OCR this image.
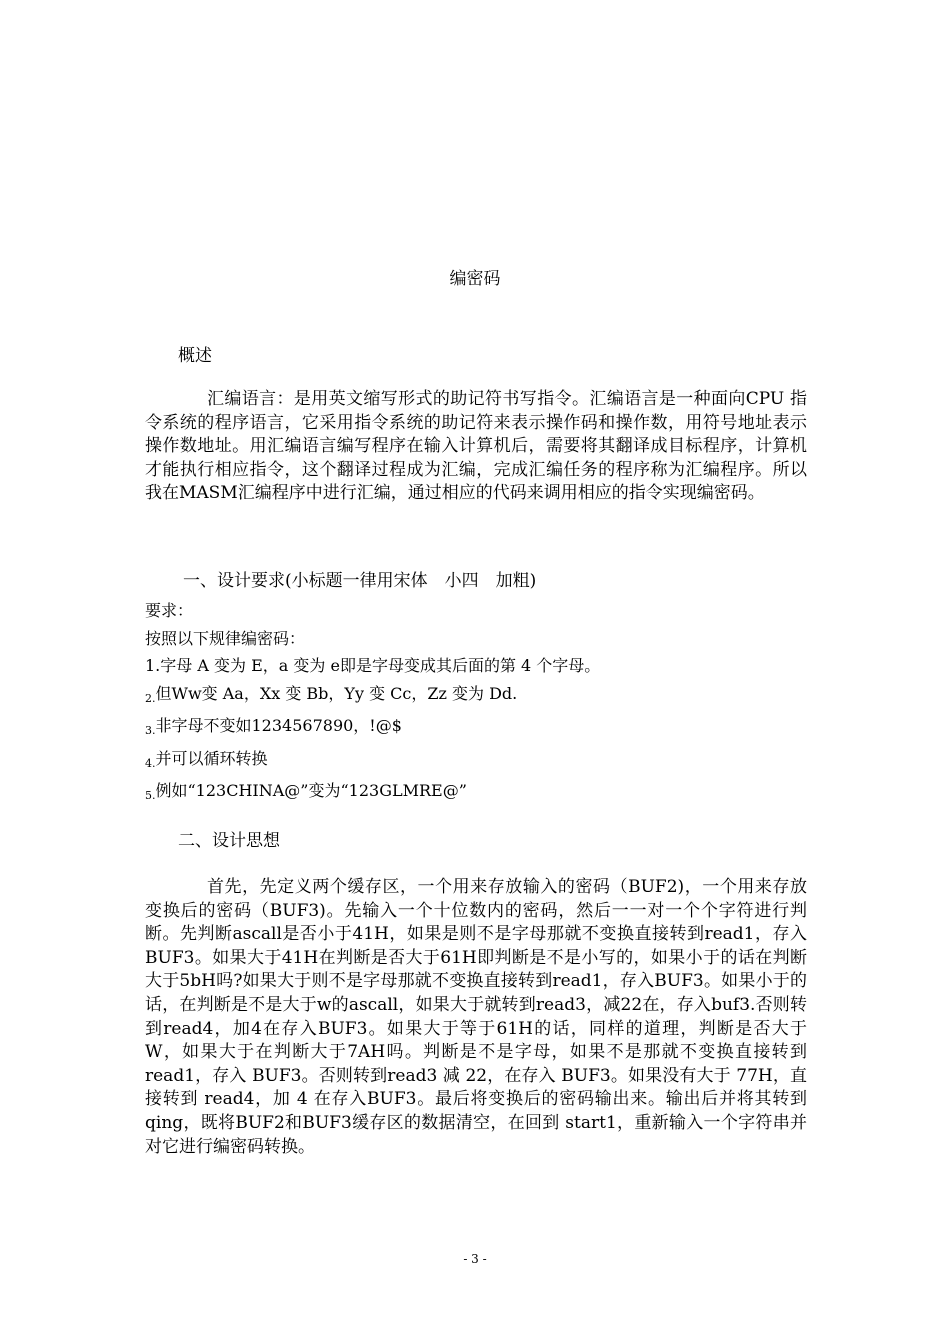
编密码
概述

汇编语言：是用英文缩写形式的助记符书写指令。汇编语言是一种面向CPU 指令系统的程序语言，它采用指令系统的助记符来表示操作码和操作数，用符号地址表示操作数地址。用汇编语言编写程序在输入计算机后，需要将其翻译成目标程序，计算机才能执行相应指令，这个翻译过程成为汇编，完成汇编任务的程序称为汇编程序。所以我在MASM汇编程序中进行汇编，通过相应的代码来调用相应的指令实现编密码。

一、设计要求(小标题一律用宋体　小四　加粗)
要求：
按照以下规律编密码：
1.字母 A 变为 E，a 变为 e即是字母变成其后面的第 4 个字母。
2.但Ww变 Aa，Xx 变 Bb，Yy 变 Cc，Zz 变为 Dd.
3.非字母不变如1234567890，!@$
4.并可以循环转换
5.例如“123CHINA@”变为“123GLMRE@”
二、设计思想

首先，先定义两个缓存区，一个用来存放输入的密码（BUF2)，一个用来存放变换后的密码（BUF3)。先输入一个十位数内的密码，然后一一对一个个字符进行判断。先判断ascall是否小于41H，如果是则不是字母那就不变换直接转到read1，存入BUF3。如果大于41H在判断是否大于61H即判断是不是小写的，如果小于的话在判断大于5bH吗?如果大于则不是字母那就不变换直接转到read1，存入BUF3。如果小于的话，在判断是不是大于w的ascall，如果大于就转到read3，减22在，存入buf3.否则转到read4，加4在存入BUF3。如果大于等于61H的话，同样的道理，判断是否大于 W，如果大于在判断大于7AH吗。判断是不是字母，如果不是那就不变换直接转到 read1，存入 BUF3。否则转到read3 减 22，在存入 BUF3。如果没有大于 77H，直接转到 read4，加 4 在存入BUF3。最后将变换后的密码输出来。输出后并将其转到qing，既将BUF2和BUF3缓存区的数据清空，在回到 start1，重新输入一个字符串并对它进行编密码转换。

- 3 -
